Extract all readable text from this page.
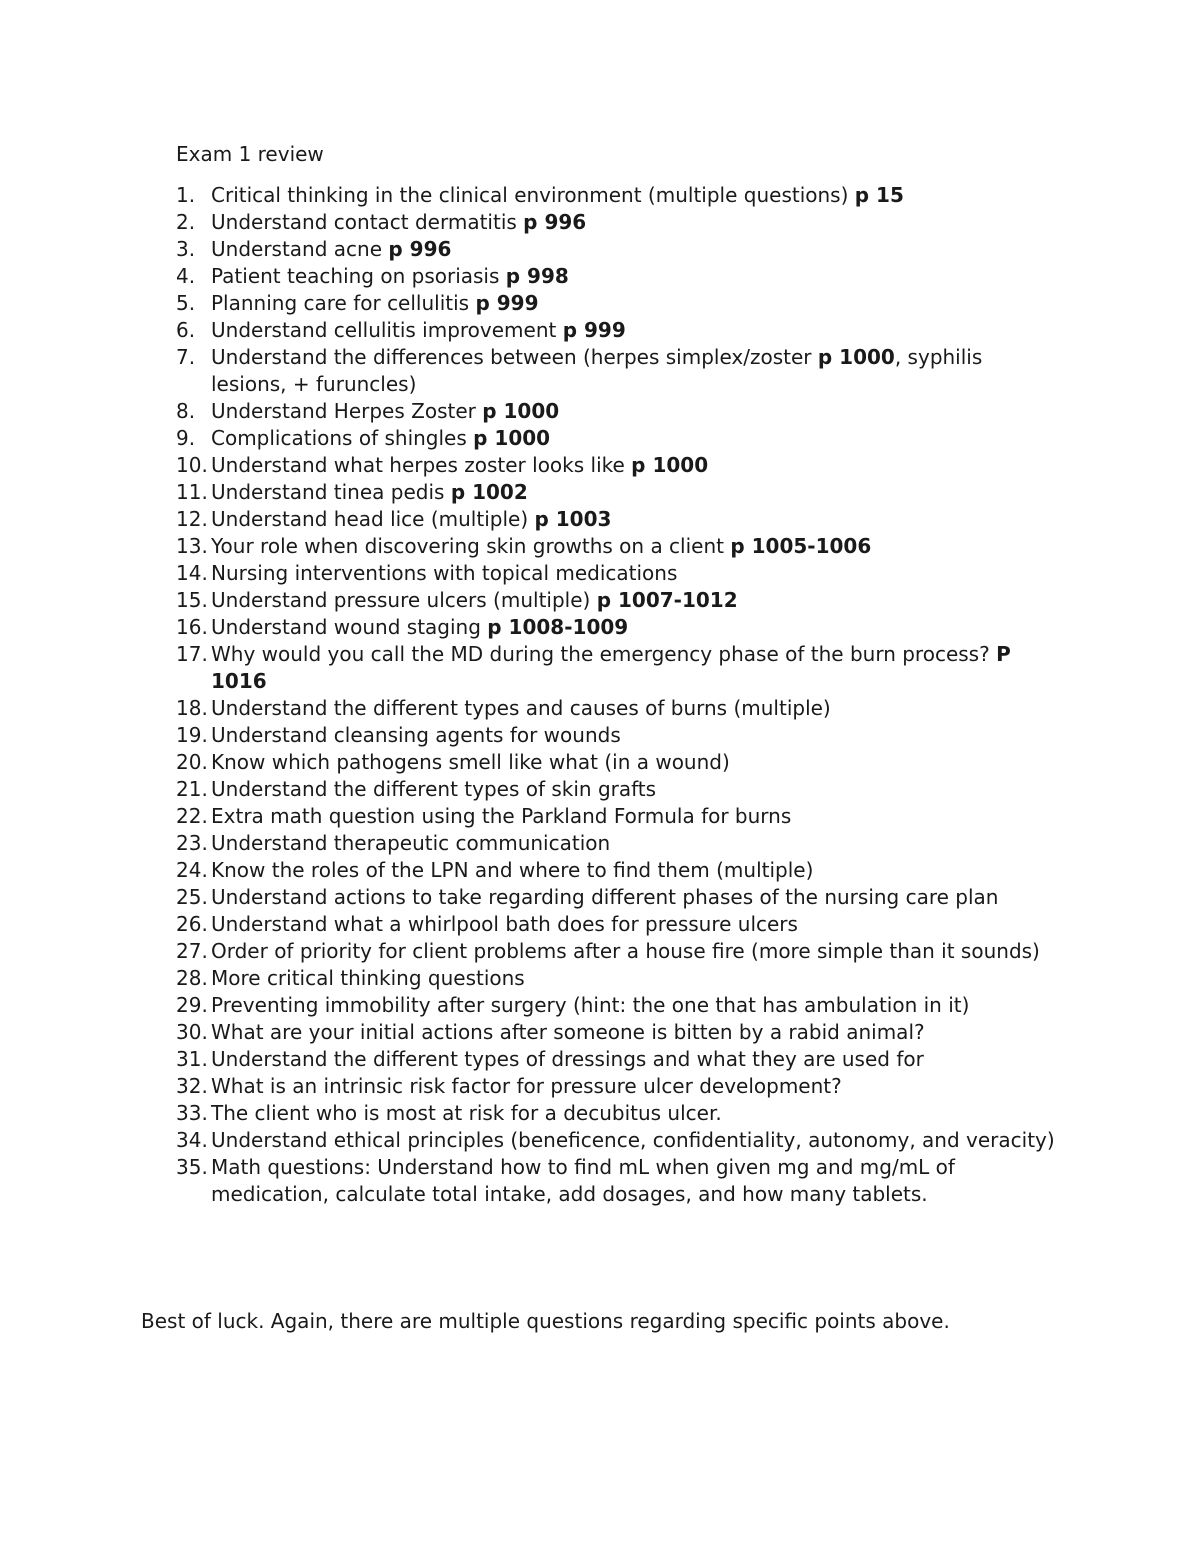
Exam 1 review
1. Critical thinking in the clinical environment (multiple questions) p 15
2. Understand contact dermatitis p 996
3. Understand acne p 996
4. Patient teaching on psoriasis p 998
5. Planning care for cellulitis p 999
6. Understand cellulitis improvement p 999
7. Understand the differences between (herpes simplex/zoster p 1000, syphilis lesions, + furuncles)
8. Understand Herpes Zoster p 1000
9. Complications of shingles p 1000
10. Understand what herpes zoster looks like p 1000
11. Understand tinea pedis p 1002
12. Understand head lice (multiple) p 1003
13. Your role when discovering skin growths on a client p 1005-1006
14. Nursing interventions with topical medications
15. Understand pressure ulcers (multiple) p 1007-1012
16. Understand wound staging p 1008-1009
17. Why would you call the MD during the emergency phase of the burn process? P 1016
18. Understand the different types and causes of burns (multiple)
19. Understand cleansing agents for wounds
20. Know which pathogens smell like what (in a wound)
21. Understand the different types of skin grafts
22. Extra math question using the Parkland Formula for burns
23. Understand therapeutic communication
24. Know the roles of the LPN and where to find them (multiple)
25. Understand actions to take regarding different phases of the nursing care plan
26. Understand what a whirlpool bath does for pressure ulcers
27. Order of priority for client problems after a house fire (more simple than it sounds)
28. More critical thinking questions
29. Preventing immobility after surgery (hint: the one that has ambulation in it)
30. What are your initial actions after someone is bitten by a rabid animal?
31. Understand the different types of dressings and what they are used for
32. What is an intrinsic risk factor for pressure ulcer development?
33. The client who is most at risk for a decubitus ulcer.
34. Understand ethical principles (beneficence, confidentiality, autonomy, and veracity)
35. Math questions: Understand how to find mL when given mg and mg/mL of medication, calculate total intake, add dosages, and how many tablets.

Best of luck. Again, there are multiple questions regarding specific points above.
